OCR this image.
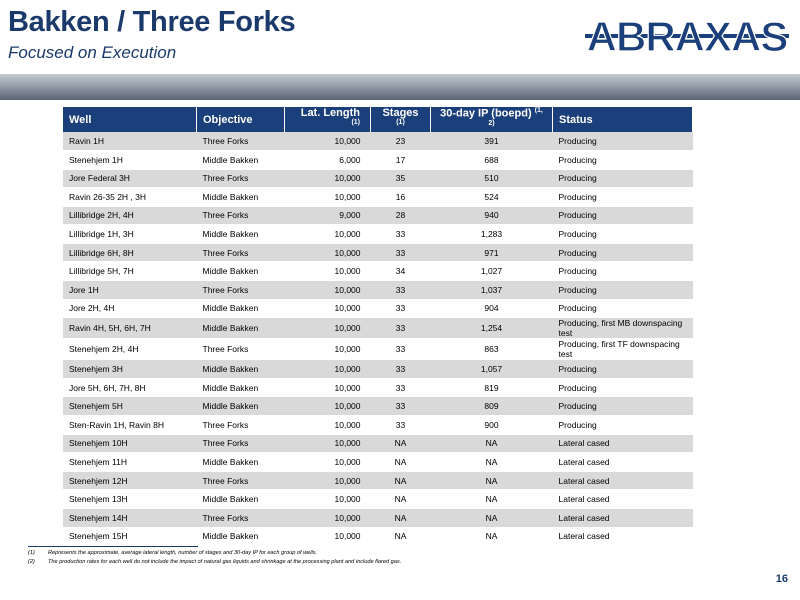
Bakken / Three Forks
Focused on Execution	ABRAXAS
Well	Objective	Lat. Length $^{(1)}$	Stages $^{(1)}$	30-day IP (boepd) $^{(1, 2)}$	Status
Ravin 1H	Three Forks	10,000	23	391	Producing
Stenehjem 1H	Middle Bakken	6,000	17	688	Producing
Jore Federal 3H	Three Forks	10,000	35	510	Producing
Ravin 26-35 2H , 3H	Middle Bakken	10,000	16	524	Producing
Lillibridge 2H, 4H	Three Forks	9,000	28	940	Producing
Lillibridge 1H, 3H	Middle Bakken	10,000	33	1,283	Producing
Lillibridge 6H, 8H	Three Forks	10,000	33	971	Producing
Lillibridge 5H, 7H	Middle Bakken	10,000	34	1,027	Producing
Jore 1H	Three Forks	10,000	33	1,037	Producing
Jore 2H, 4H	Middle Bakken	10,000	33	904	Producing
Ravin 4H, 5H, 6H, 7H	Middle Bakken	10,000	33	1,254	Producing, first MB downspacing test
Stenehjem 2H, 4H	Three Forks	10,000	33	863	Producing, first TF downspacing test
Stenehjem 3H	Middle Bakken	10,000	33	1,057	Producing
Jore 5H, 6H, 7H, 8H	Middle Bakken	10,000	33	819	Producing
Stenehjem 5H	Middle Bakken	10,000	33	809	Producing
Sten-Ravin 1H, Ravin 8H	Three Forks	10,000	33	900	Producing
Stenehjem 10H	Three Forks	10,000	NA	NA	Lateral cased
Stenehjem 11H	Middle Bakken	10,000	NA	NA	Lateral cased
Stenehjem 12H	Three Forks	10,000	NA	NA	Lateral cased
Stenehjem 13H	Middle Bakken	10,000	NA	NA	Lateral cased
Stenehjem 14H	Three Forks	10,000	NA	NA	Lateral cased
Stenehjem 15H	Middle Bakken	10,000	NA	NA	Lateral cased
(1)	Represents the approximate, average lateral length, number of stages and 30-day IP for each group of wells.
(2)	The production rates for each well do not include the impact of natural gas liquids and shrinkage at the processing plant and include flared gas.
16
